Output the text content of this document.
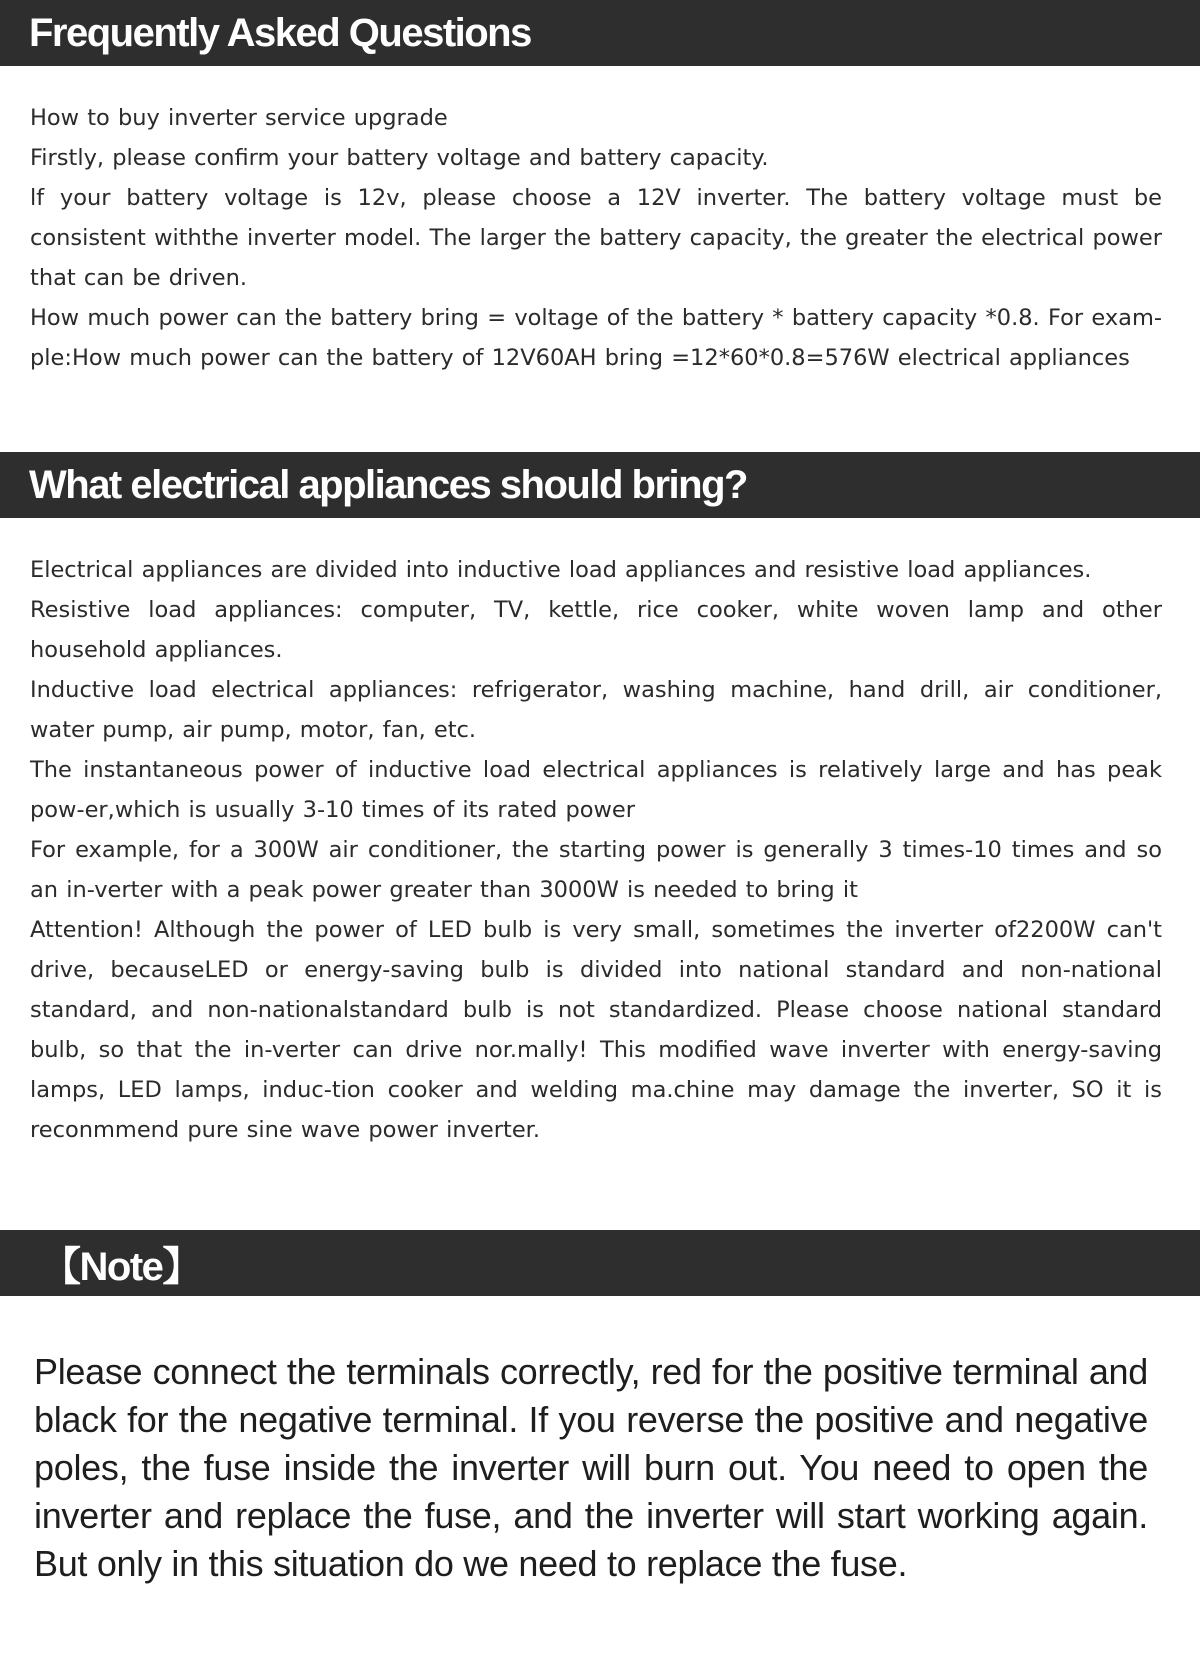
Frequently Asked Questions

How to buy inverter service upgrade

Firstly, please confirm your battery voltage and battery capacity.

lf your battery voltage is 12v, please choose a 12V inverter. The battery voltage must be consistent withthe inverter model. The larger the battery capacity, the greater the electrical power that can be driven.

How much power can the battery bring = voltage of the battery * battery capacity *0.8. For exam-ple:How much power can the battery of 12V60AH bring =12*60*0.8=576W electrical appliances

What electrical appliances should bring?

Electrical appliances are divided into inductive load appliances and resistive load appliances.

Resistive load appliances: computer, TV, kettle, rice cooker, white woven lamp and other household appliances.

Inductive load electrical appliances: refrigerator, washing machine, hand drill, air conditioner, water pump, air pump, motor, fan, etc.

The instantaneous power of inductive load electrical appliances is relatively large and has peak pow-er,which is usually 3-10 times of its rated power

For example, for a 300W air conditioner, the starting power is generally 3 times-10 times and so an in-verter with a peak power greater than 3000W is needed to bring it

Attention! Although the power of LED bulb is very small, sometimes the inverter of2200W can't drive, becauseLED or energy-saving bulb is divided into national standard and non-national standard, and non-nationalstandard bulb is not standardized. Please choose national standard bulb, so that the in-verter can drive nor.mally! This modified wave inverter with energy-saving lamps, LED lamps, induc-tion cooker and welding ma.chine may damage the inverter, SO it is reconmmend pure sine wave power inverter.

【Note】

Please connect the terminals correctly, red for the positive terminal and black for the negative terminal. If you reverse the positive and negative poles, the fuse inside the inverter will burn out. You need to open the inverter and replace the fuse, and the inverter will start working again. But only in this situation do we need to replace the fuse.
